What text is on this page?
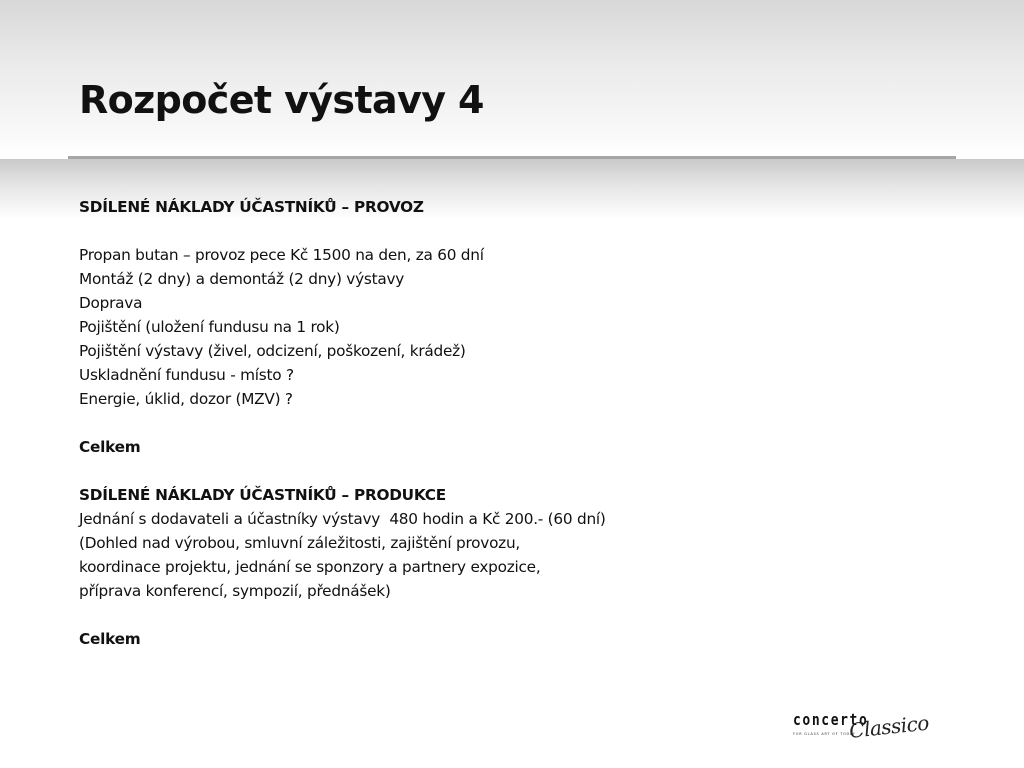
Rozpočet výstavy 4
SDÍLENÉ NÁKLADY ÚČASTNÍKŮ – PROVOZ
Propan butan – provoz pece Kč 1500 na den, za 60 dní
Montáž (2 dny) a demontáž (2 dny) výstavy
Doprava
Pojištění (uložení fundusu na 1 rok)
Pojištění výstavy (živel, odcizení, poškození, krádež)
Uskladnění fundusu - místo ?
Energie, úklid, dozor (MZV) ?
Celkem
SDÍLENÉ NÁKLADY ÚČASTNÍKŮ – PRODUKCE
Jednání s dodavateli a účastníky výstavy  480 hodin a Kč 200.- (60 dní)
(Dohled nad výrobou, smluvní záležitosti, zajištění provozu,
koordinace projektu, jednání se sponzory a partnery expozice,
příprava konferencí, sympozií, přednášek)
Celkem
concerto
FOR GLASS ART OF TODAY
Classico
